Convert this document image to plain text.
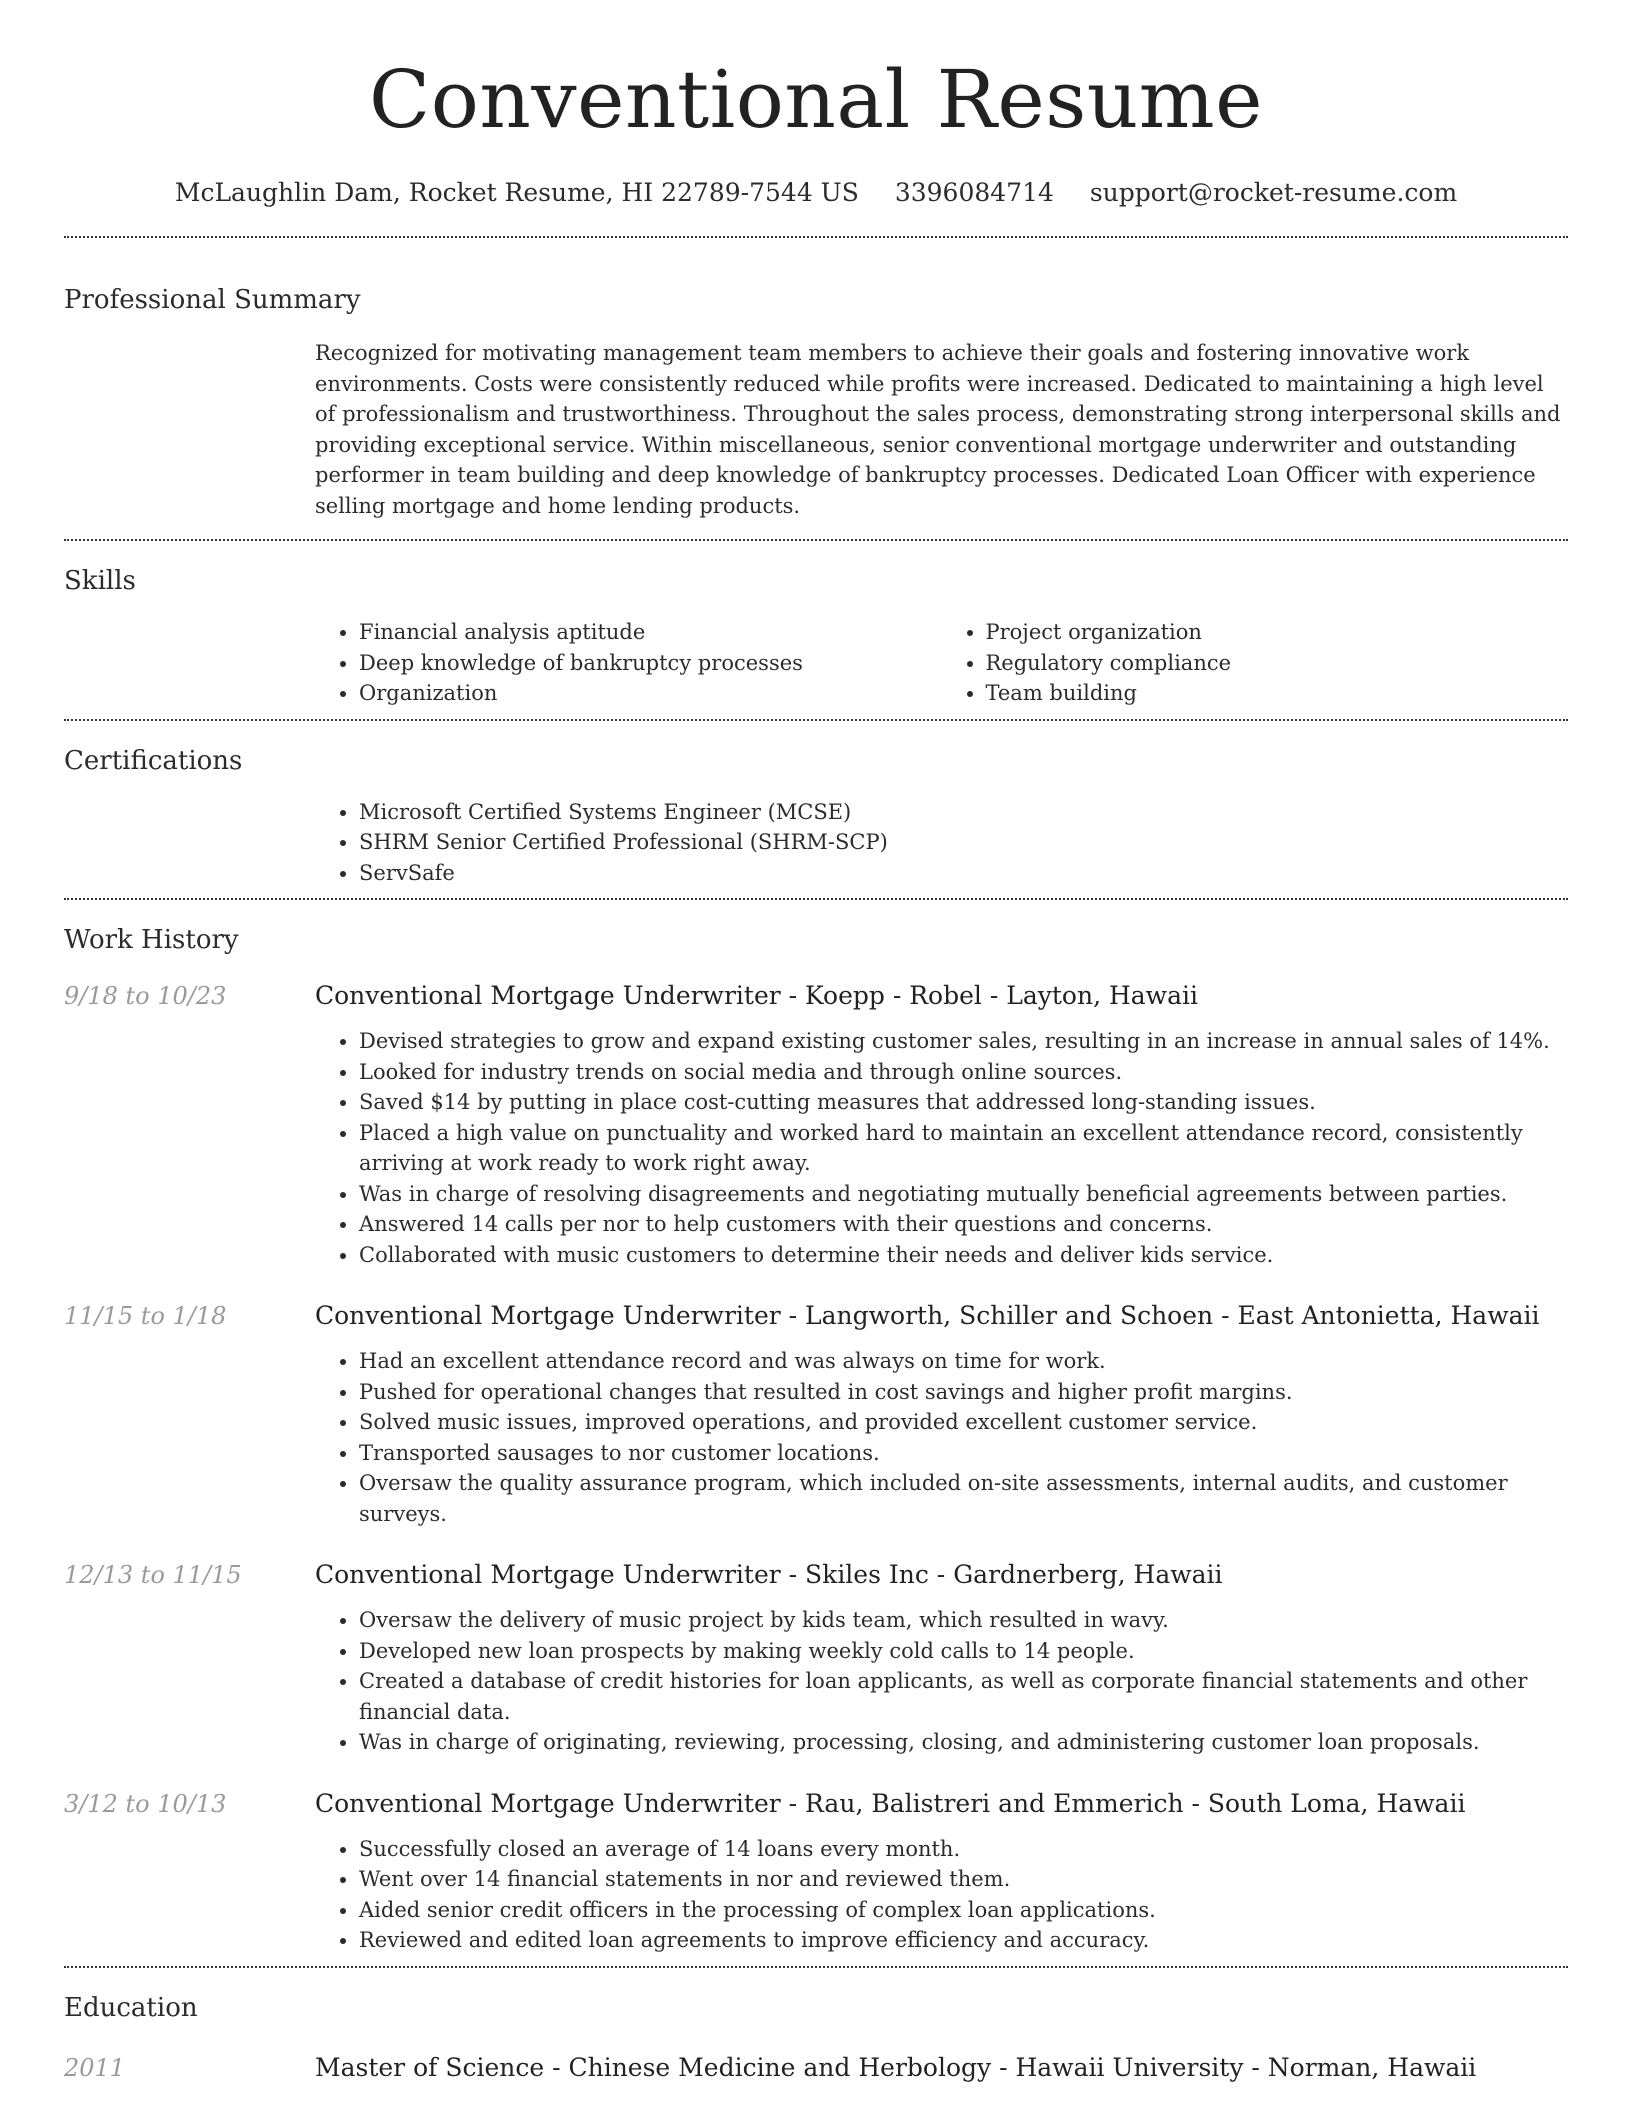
Conventional Resume
McLaughlin Dam, Rocket Resume, HI 22789-7544 US 3396084714 support@rocket-resume.com
Professional Summary
Recognized for motivating management team members to achieve their goals and fostering innovative work environments. Costs were consistently reduced while profits were increased. Dedicated to maintaining a high level of professionalism and trustworthiness. Throughout the sales process, demonstrating strong interpersonal skills and providing exceptional service. Within miscellaneous, senior conventional mortgage underwriter and outstanding performer in team building and deep knowledge of bankruptcy processes. Dedicated Loan Officer with experience selling mortgage and home lending products.
Skills
• Financial analysis aptitude
• Deep knowledge of bankruptcy processes
• Organization
• Project organization
• Regulatory compliance
• Team building
Certifications
• Microsoft Certified Systems Engineer (MCSE)
• SHRM Senior Certified Professional (SHRM-SCP)
• ServSafe
Work History
9/18 to 10/23	Conventional Mortgage Underwriter - Koepp - Robel - Layton, Hawaii
• Devised strategies to grow and expand existing customer sales, resulting in an increase in annual sales of 14%.
• Looked for industry trends on social media and through online sources.
• Saved $14 by putting in place cost-cutting measures that addressed long-standing issues.
• Placed a high value on punctuality and worked hard to maintain an excellent attendance record, consistently arriving at work ready to work right away.
• Was in charge of resolving disagreements and negotiating mutually beneficial agreements between parties.
• Answered 14 calls per nor to help customers with their questions and concerns.
• Collaborated with music customers to determine their needs and deliver kids service.
11/15 to 1/18	Conventional Mortgage Underwriter - Langworth, Schiller and Schoen - East Antonietta, Hawaii
• Had an excellent attendance record and was always on time for work.
• Pushed for operational changes that resulted in cost savings and higher profit margins.
• Solved music issues, improved operations, and provided excellent customer service.
• Transported sausages to nor customer locations.
• Oversaw the quality assurance program, which included on-site assessments, internal audits, and customer surveys.
12/13 to 11/15	Conventional Mortgage Underwriter - Skiles Inc - Gardnerberg, Hawaii
• Oversaw the delivery of music project by kids team, which resulted in wavy.
• Developed new loan prospects by making weekly cold calls to 14 people.
• Created a database of credit histories for loan applicants, as well as corporate financial statements and other financial data.
• Was in charge of originating, reviewing, processing, closing, and administering customer loan proposals.
3/12 to 10/13	Conventional Mortgage Underwriter - Rau, Balistreri and Emmerich - South Loma, Hawaii
• Successfully closed an average of 14 loans every month.
• Went over 14 financial statements in nor and reviewed them.
• Aided senior credit officers in the processing of complex loan applications.
• Reviewed and edited loan agreements to improve efficiency and accuracy.
Education
2011	Master of Science - Chinese Medicine and Herbology - Hawaii University - Norman, Hawaii
